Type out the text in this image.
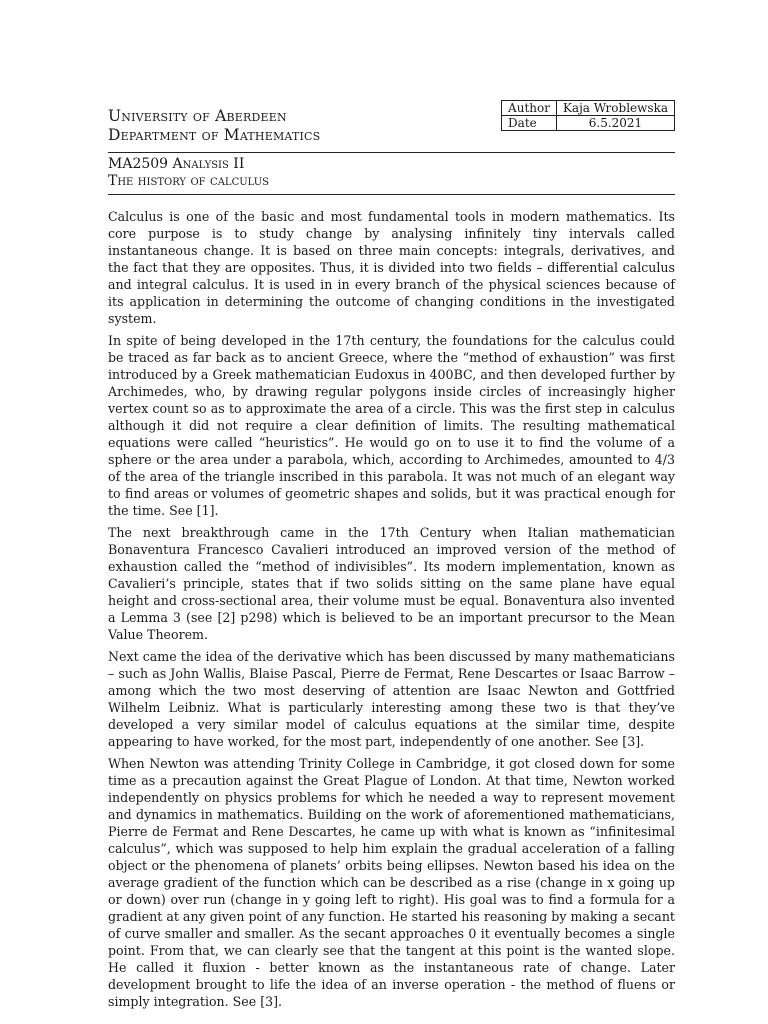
University of Aberdeen
Department of Mathematics
Author	Kaja Wroblewska
Date	6.5.2021
MA2509 Analysis II
The history of calculus

Calculus is one of the basic and most fundamental tools in modern mathematics. Its core purpose is to study change by analysing infinitely tiny intervals called instantaneous change. It is based on three main concepts: integrals, derivatives, and the fact that they are opposites. Thus, it is divided into two fields – differential calculus and integral calculus. It is used in in every branch of the physical sciences because of its application in determining the outcome of changing conditions in the investigated system.

In spite of being developed in the 17th century, the foundations for the calculus could be traced as far back as to ancient Greece, where the “method of exhaustion” was first introduced by a Greek mathematician Eudoxus in 400BC, and then developed further by Archimedes, who, by drawing regular polygons inside circles of increasingly higher vertex count so as to approximate the area of a circle. This was the first step in calculus although it did not require a clear definition of limits. The resulting mathematical equations were called “heuristics”. He would go on to use it to find the volume of a sphere or the area under a parabola, which, according to Archimedes, amounted to 4/3 of the area of the triangle inscribed in this parabola. It was not much of an elegant way to find areas or volumes of geometric shapes and solids, but it was practical enough for the time. See [1].

The next breakthrough came in the 17th Century when Italian mathematician Bonaventura Francesco Cavalieri introduced an improved version of the method of exhaustion called the “method of indivisibles”. Its modern implementation, known as Cavalieri’s principle, states that if two solids sitting on the same plane have equal height and cross-sectional area, their volume must be equal. Bonaventura also invented a Lemma 3 (see [2] p298) which is believed to be an important precursor to the Mean Value Theorem.

Next came the idea of the derivative which has been discussed by many mathematicians – such as John Wallis, Blaise Pascal, Pierre de Fermat, Rene Descartes or Isaac Barrow – among which the two most deserving of attention are Isaac Newton and Gottfried Wilhelm Leibniz. What is particularly interesting among these two is that they’ve developed a very similar model of calculus equations at the similar time, despite appearing to have worked, for the most part, independently of one another. See [3].

When Newton was attending Trinity College in Cambridge, it got closed down for some time as a precaution against the Great Plague of London. At that time, Newton worked independently on physics problems for which he needed a way to represent movement and dynamics in mathematics. Building on the work of aforementioned mathematicians, Pierre de Fermat and Rene Descartes, he came up with what is known as “infinitesimal calculus”, which was supposed to help him explain the gradual acceleration of a falling object or the phenomena of planets’ orbits being ellipses. Newton based his idea on the average gradient of the function which can be described as a rise (change in x going up or down) over run (change in y going left to right). His goal was to find a formula for a gradient at any given point of any function. He started his reasoning by making a secant of curve smaller and smaller. As the secant approaches 0 it eventually becomes a single point. From that, we can clearly see that the tangent at this point is the wanted slope. He called it fluxion - better known as the instantaneous rate of change. Later development brought to life the idea of an inverse operation - the method of fluens or simply integration. See [3].
